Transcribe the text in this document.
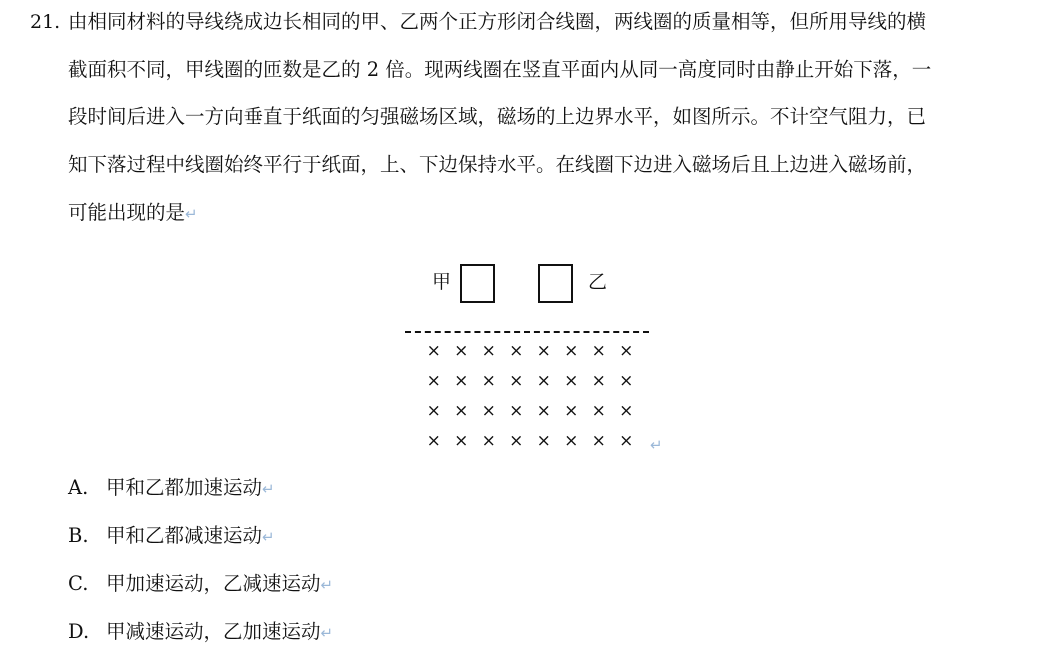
21. 由相同材料的导线绕成边长相同的甲、乙两个正方形闭合线圈，两线圈的质量相等，但所用导线的横
截面积不同，甲线圈的匝数是乙的 2 倍。现两线圈在竖直平面内从同一高度同时由静止开始下落，一
段时间后进入一方向垂直于纸面的匀强磁场区域，磁场的上边界水平，如图所示。不计空气阻力，已
知下落过程中线圈始终平行于纸面，上、下边保持水平。在线圈下边进入磁场后且上边进入磁场前，
可能出现的是↵
甲	乙
× × × × × × × ×
× × × × × × × ×
× × × × × × × ×
× × × × × × × ×	↵
A. 甲和乙都加速运动↵
B. 甲和乙都减速运动↵
C. 甲加速运动，乙减速运动↵
D. 甲减速运动，乙加速运动↵
